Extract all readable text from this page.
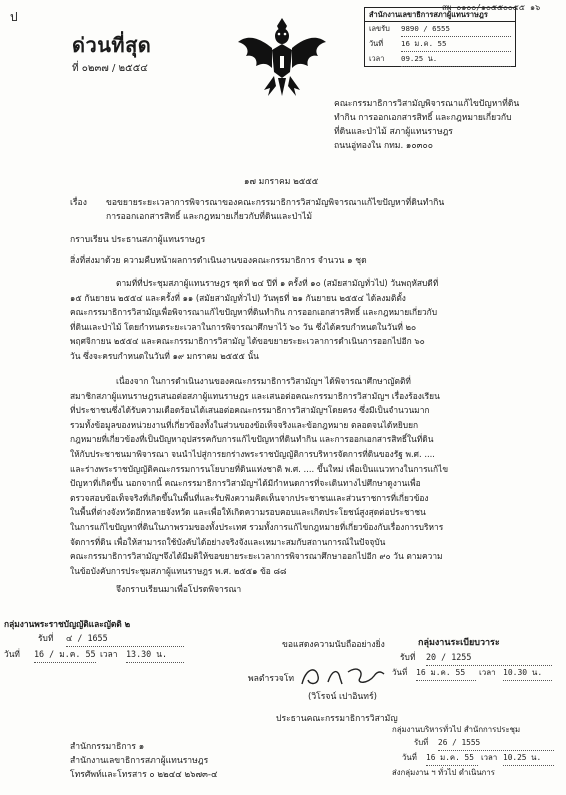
ป
สผ ๐๑๐๐/๑๐๕๕๐๐๕๕ ๑๖
ด่วนที่สุด
ที่ ๐๒๓๗ / ๒๕๕๔
สำนักงานเลขาธิการสภาผู้แทนราษฎร
เลขรับ	9890 / 6555
วันที่	16 ม.ค. 55
เวลา	09.25 น.
คณะกรรมาธิการวิสามัญพิจารณาแก้ไขปัญหาที่ดิน
ทำกิน การออกเอกสารสิทธิ์ และกฎหมายเกี่ยวกับ
ที่ดินและป่าไม้ สภาผู้แทนราษฎร
ถนนอู่ทองใน กทม. ๑๐๓๐๐
๑๗ มกราคม ๒๕๕๕
เรื่อง ขอขยายระยะเวลาการพิจารณาของคณะกรรมาธิการวิสามัญพิจารณาแก้ไขปัญหาที่ดินทำกิน
การออกเอกสารสิทธิ์ และกฎหมายเกี่ยวกับที่ดินและป่าไม้
กราบเรียน ประธานสภาผู้แทนราษฎร
สิ่งที่ส่งมาด้วย ความคืบหน้าผลการดำเนินงานของคณะกรรมาธิการ จำนวน ๑ ชุด
ตามที่ที่ประชุมสภาผู้แทนราษฎร ชุดที่ ๒๔ ปีที่ ๑ ครั้งที่ ๑๐ (สมัยสามัญทั่วไป) วันพฤหัสบดีที่
๑๕ กันยายน ๒๕๕๔ และครั้งที่ ๑๑ (สมัยสามัญทั่วไป) วันพุธที่ ๒๑ กันยายน ๒๕๕๔ ได้ลงมติตั้ง
คณะกรรมาธิการวิสามัญเพื่อพิจารณาแก้ไขปัญหาที่ดินทำกิน การออกเอกสารสิทธิ์ และกฎหมายเกี่ยวกับ
ที่ดินและป่าไม้ โดยกำหนดระยะเวลาในการพิจารณาศึกษาไว้ ๖๐ วัน ซึ่งได้ครบกำหนดในวันที่ ๒๐
พฤศจิกายน ๒๕๕๔ และคณะกรรมาธิการวิสามัญ ได้ขอขยายระยะเวลาการดำเนินการออกไปอีก ๖๐
วัน ซึ่งจะครบกำหนดในวันที่ ๑๙ มกราคม ๒๕๕๕ นั้น
เนื่องจาก ในการดำเนินงานของคณะกรรมาธิการวิสามัญฯ ได้พิจารณาศึกษาญัตติที่
สมาชิกสภาผู้แทนราษฎรเสนอต่อสภาผู้แทนราษฎร และเสนอต่อคณะกรรมาธิการวิสามัญฯ เรื่องร้องเรียน
ที่ประชาชนซึ่งได้รับความเดือดร้อนได้เสนอต่อคณะกรรมาธิการวิสามัญฯโดยตรง ซึ่งมีเป็นจำนวนมาก
รวมทั้งข้อมูลของหน่วยงานที่เกี่ยวข้องทั้งในส่วนของข้อเท็จจริงและข้อกฎหมาย ตลอดจนได้หยิบยก
กฎหมายที่เกี่ยวข้องที่เป็นปัญหาอุปสรรคกับการแก้ไขปัญหาที่ดินทำกิน และการออกเอกสารสิทธิ์ในที่ดิน
ให้กับประชาชนมาพิจารณา จนนำไปสู่การยกร่างพระราชบัญญัติการบริหารจัดการที่ดินของรัฐ พ.ศ. ....
และร่างพระราชบัญญัติคณะกรรมการนโยบายที่ดินแห่งชาติ พ.ศ. .... ขึ้นใหม่ เพื่อเป็นแนวทางในการแก้ไข
ปัญหาที่เกิดขึ้น นอกจากนี้ คณะกรรมาธิการวิสามัญฯได้มีกำหนดการที่จะเดินทางไปศึกษาดูงานเพื่อ
ตรวจสอบข้อเท็จจริงที่เกิดขึ้นในพื้นที่และรับฟังความคิดเห็นจากประชาชนและส่วนราชการที่เกี่ยวข้อง
ในพื้นที่ต่างจังหวัดอีกหลายจังหวัด และเพื่อให้เกิดความรอบคอบและเกิดประโยชน์สูงสุดต่อประชาชน
ในการแก้ไขปัญหาที่ดินในภาพรวมของทั้งประเทศ รวมทั้งการแก้ไขกฎหมายที่เกี่ยวข้องกับเรื่องการบริหาร
จัดการที่ดิน เพื่อให้สามารถใช้บังคับได้อย่างจริงจังและเหมาะสมกับสถานการณ์ในปัจจุบัน
คณะกรรมาธิการวิสามัญฯจึงได้มีมติให้ขอขยายระยะเวลาการพิจารณาศึกษาออกไปอีก ๙๐ วัน ตามความ
ในข้อบังคับการประชุมสภาผู้แทนราษฎร พ.ศ. ๒๕๕๑ ข้อ ๘๘
จึงกราบเรียนมาเพื่อโปรดพิจารณา
กลุ่มงานพระราชบัญญัติและญัตติ ๒
รับที่	๔ / 1655
วันที่	16 / ม.ค. 55 เวลา	13.30 น.
กลุ่มงานระเบียบวาระ
รับที่	20 / 1255
วันที่	16 ม.ค. 55	เวลา 10.30 น.
ขอแสดงความนับถืออย่างยิ่ง
พลตำรวจโท
(วิโรจน์ เปาอินทร์)
ประธานคณะกรรมาธิการวิสามัญ
กลุ่มงานบริหารทั่วไป สำนักการประชุม
รับที่	26 / 1555
วันที่	16 ม.ค. 55 เวลา 10.25 น.
ส่งกลุ่มงาน ฯ ทั่วไป ดำเนินการ
สำนักกรรมาธิการ ๑
สำนักงานเลขาธิการสภาผู้แทนราษฎร
โทรศัพท์และโทรสาร ๐ ๒๒๔๔ ๒๖๗๓-๔
